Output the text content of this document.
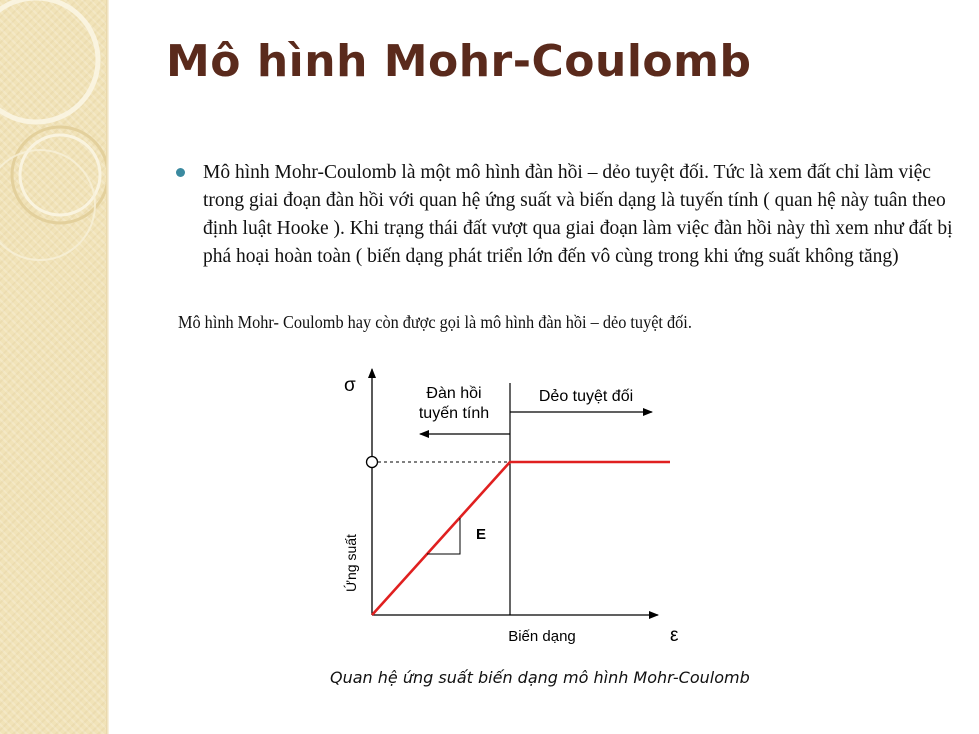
Mô hình Mohr-Coulomb
Mô hình Mohr-Coulomb là một mô hình đàn hồi – dẻo tuyệt đối. Tức là xem đất chỉ làm việc trong giai đoạn đàn hồi với quan hệ ứng suất và biến dạng là tuyến tính ( quan hệ này tuân theo định luật Hooke ). Khi trạng thái đất vượt qua giai đoạn làm việc đàn hồi này thì xem như đất bị phá hoại hoàn toàn ( biến dạng phát triển lớn đến vô cùng trong khi ứng suất không tăng)
Mô hình Mohr- Coulomb hay còn được gọi là mô hình đàn hồi – dẻo tuyệt đối.
σ
ε
Ứng suất
Biến dạng
E
Đàn hồi
tuyến tính
Dẻo tuyệt đối
Quan hệ ứng suất biến dạng mô hình Mohr-Coulomb
